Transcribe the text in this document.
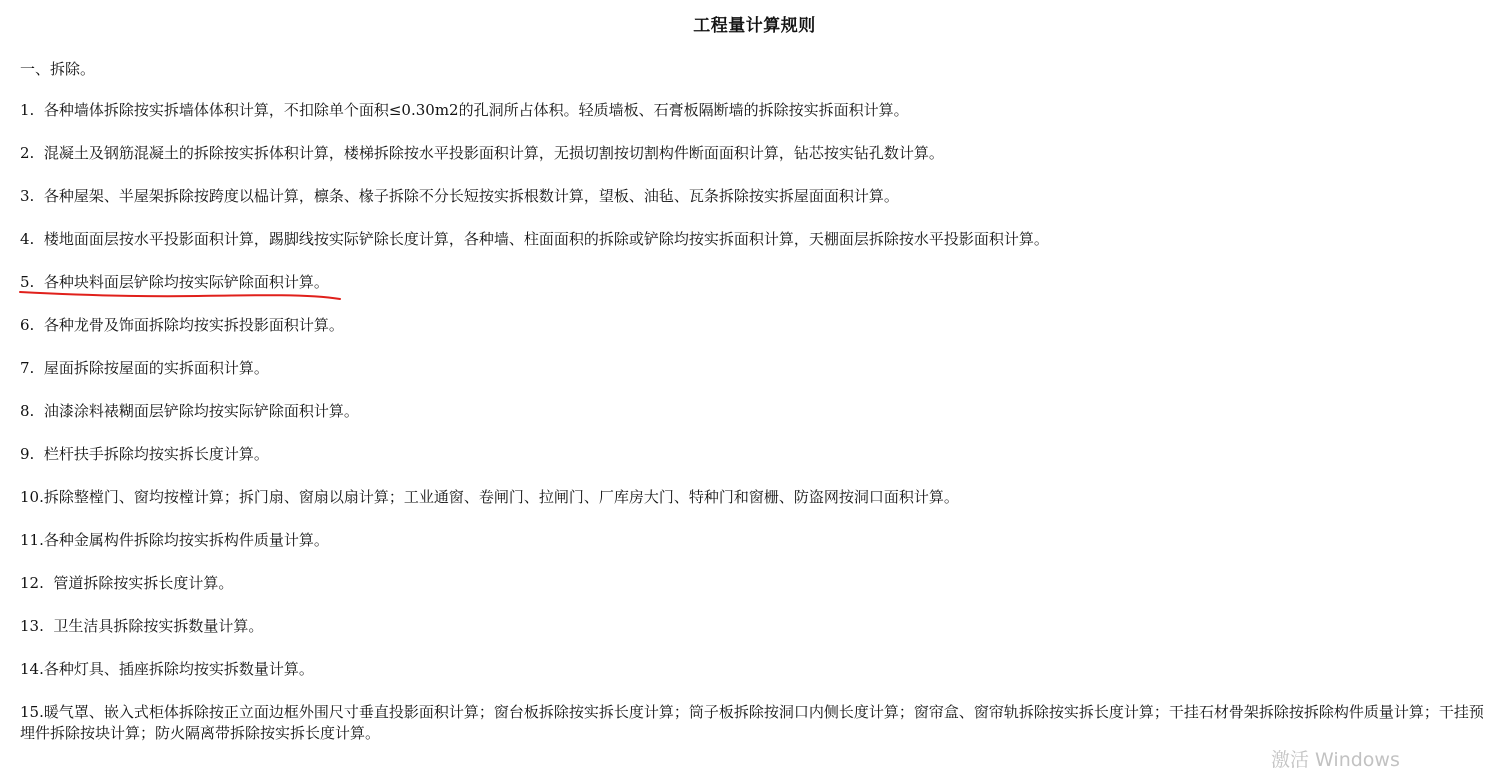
工程量计算规则
一、拆除。
1. 各种墙体拆除按实拆墙体体积计算，不扣除单个面积≤0.30m2的孔洞所占体积。轻质墙板、石膏板隔断墙的拆除按实拆面积计算。
2. 混凝土及钢筋混凝土的拆除按实拆体积计算，楼梯拆除按水平投影面积计算，无损切割按切割构件断面面积计算，钻芯按实钻孔数计算。
3. 各种屋架、半屋架拆除按跨度以榀计算，檩条、椽子拆除不分长短按实拆根数计算，望板、油毡、瓦条拆除按实拆屋面面积计算。
4. 楼地面面层按水平投影面积计算，踢脚线按实际铲除长度计算，各种墙、柱面面积的拆除或铲除均按实拆面积计算，天棚面层拆除按水平投影面积计算。
5. 各种块料面层铲除均按实际铲除面积计算。
6. 各种龙骨及饰面拆除均按实拆投影面积计算。
7. 屋面拆除按屋面的实拆面积计算。
8. 油漆涂料裱糊面层铲除均按实际铲除面积计算。
9. 栏杆扶手拆除均按实拆长度计算。
10.拆除整樘门、窗均按樘计算；拆门扇、窗扇以扇计算；工业通窗、卷闸门、拉闸门、厂库房大门、特种门和窗栅、防盗网按洞口面积计算。
11.各种金属构件拆除均按实拆构件质量计算。
12. 管道拆除按实拆长度计算。
13. 卫生洁具拆除按实拆数量计算。
14.各种灯具、插座拆除均按实拆数量计算。
15.暖气罩、嵌入式柜体拆除按正立面边框外围尺寸垂直投影面积计算；窗台板拆除按实拆长度计算；筒子板拆除按洞口内侧长度计算；窗帘盒、窗帘轨拆除按实拆长度计算；干挂石材骨架拆除按拆除构件质量计算；干挂预埋件拆除按块计算；防火隔离带拆除按实拆长度计算。
激活 Windows
